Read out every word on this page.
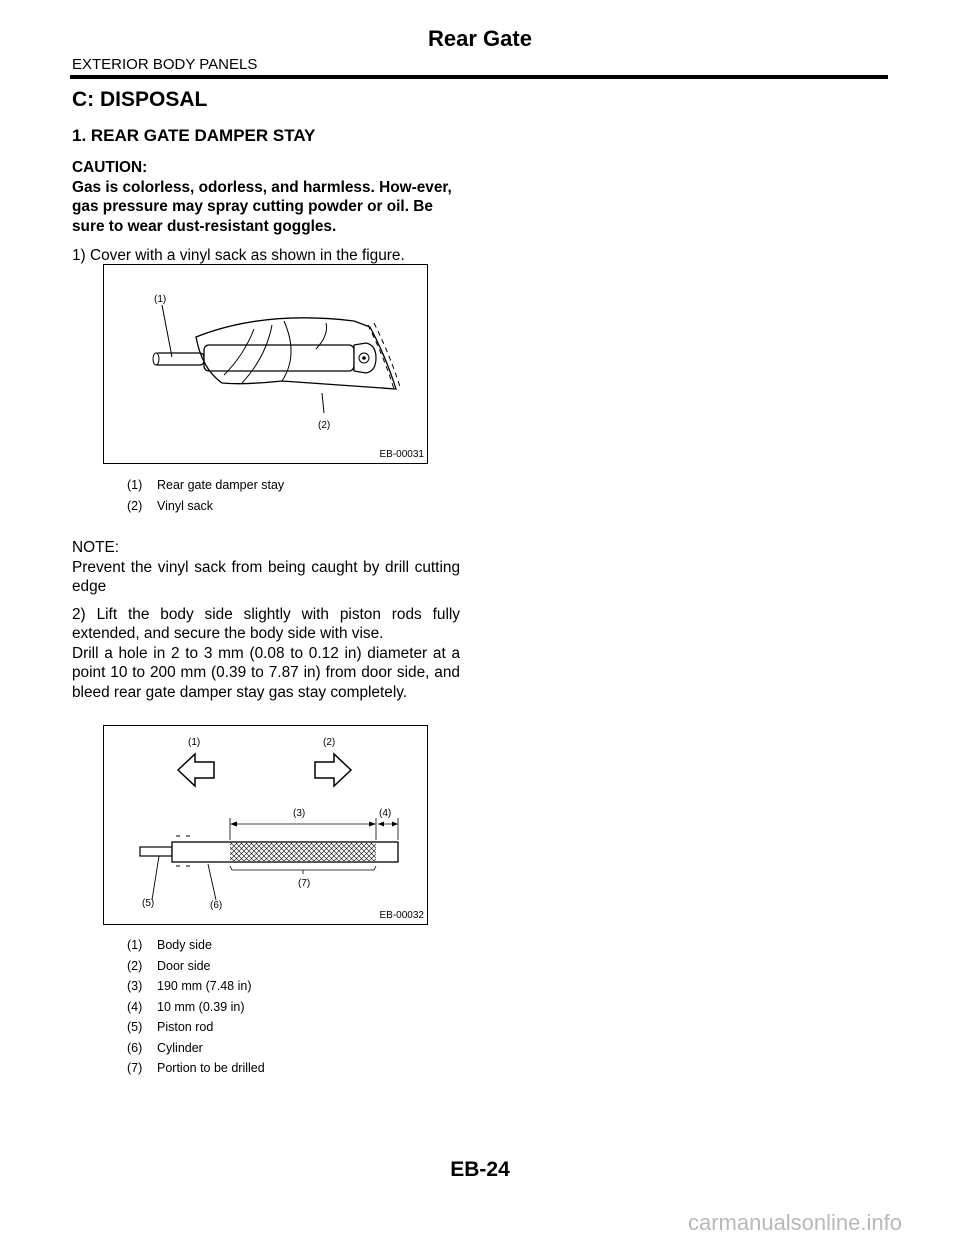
Rear Gate
EXTERIOR BODY PANELS
C: DISPOSAL
1. REAR GATE DAMPER STAY
CAUTION:
Gas is colorless, odorless, and harmless. How-ever, gas pressure may spray cutting powder or oil. Be sure to wear dust-resistant goggles.
1) Cover with a vinyl sack as shown in the figure.
(1)
(2)
EB-00031
(1)	Rear gate damper stay
(2)	Vinyl sack
NOTE:
Prevent the vinyl sack from being caught by drill cutting edge
2) Lift the body side slightly with piston rods fully extended, and secure the body side with vise.
Drill a hole in 2 to 3 mm (0.08 to 0.12 in) diameter at a point 10 to 200 mm (0.39 to 7.87 in) from door side, and bleed rear gate damper stay gas stay completely.
(1)	(2)
(3)	(4)
(5)	(6)
(7)
EB-00032
(1)	Body side
(2)	Door side
(3)	190 mm (7.48 in)
(4)	10 mm (0.39 in)
(5)	Piston rod
(6)	Cylinder
(7)	Portion to be drilled
EB-24
carmanualsonline.info
